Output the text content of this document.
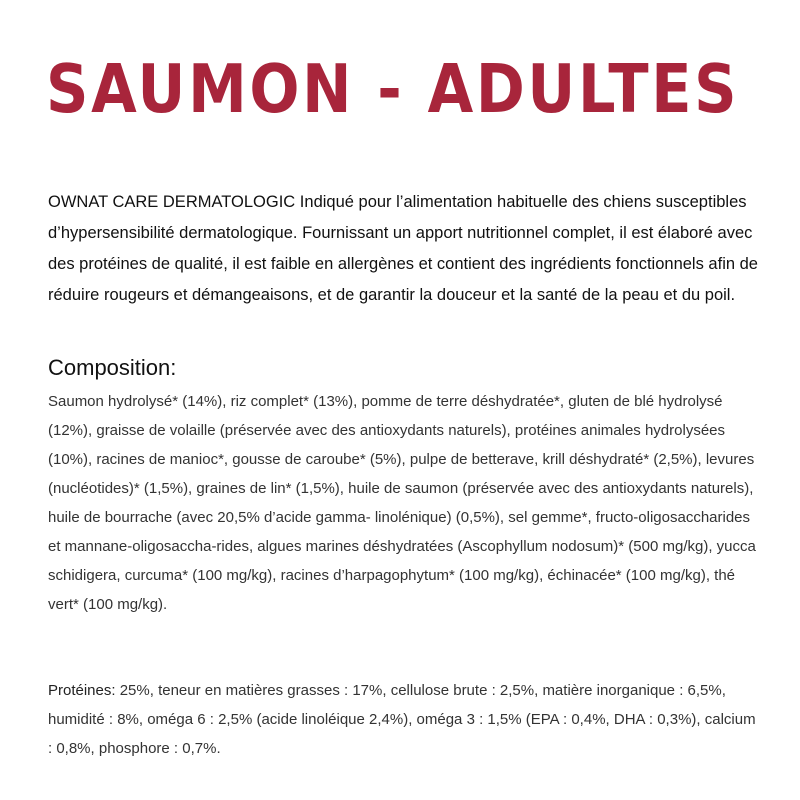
SAUMON - ADULTES
OWNAT CARE DERMATOLOGIC Indiqué pour l’alimentation habituelle des chiens susceptibles d’hypersensibilité dermatologique. Fournissant un apport nutritionnel complet, il est élaboré avec des protéines de qualité, il est faible en allergènes et contient des ingrédients fonctionnels afin de réduire rougeurs et démangeaisons, et de garantir la douceur et la santé de la peau et du poil.
Composition:
Saumon hydrolysé* (14%), riz complet* (13%), pomme de terre déshydratée*, gluten de blé hydrolysé (12%), graisse de volaille (préservée avec des antioxydants naturels), protéines animales hydrolysées (10%), racines de manioc*, gousse de caroube* (5%), pulpe de betterave, krill déshydraté* (2,5%), levures (nucléotides)* (1,5%), graines de lin* (1,5%), huile de saumon (préservée avec des antioxydants naturels), huile de bourrache (avec 20,5% d’acide gamma- linolénique) (0,5%), sel gemme*, fructo-oligosaccharides et mannane-oligosaccha-rides, algues marines déshydratées (Ascophyllum nodosum)* (500 mg/kg), yucca schidigera, curcuma* (100 mg/kg), racines d’harpagophytum* (100 mg/kg), échinacée* (100 mg/kg), thé vert* (100 mg/kg).
Protéines: 25%, teneur en matières grasses : 17%, cellulose brute : 2,5%, matière inorganique : 6,5%, humidité : 8%, oméga 6 : 2,5% (acide linoléique 2,4%), oméga 3 : 1,5% (EPA : 0,4%, DHA : 0,3%), calcium : 0,8%, phosphore : 0,7%.
